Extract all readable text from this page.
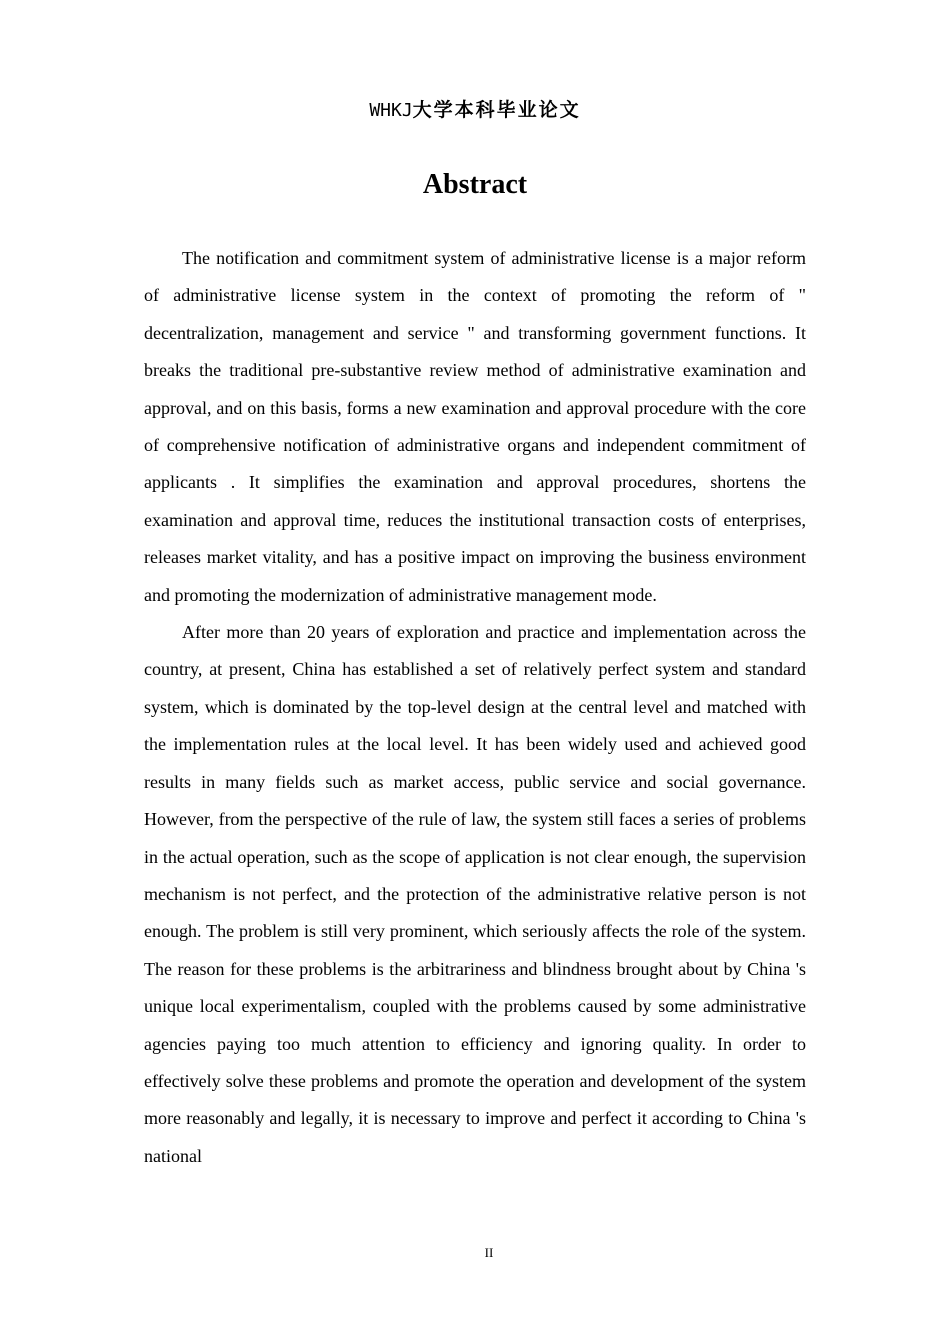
WHKJ大学本科毕业论文
Abstract

The notification and commitment system of administrative license is a major reform of administrative license system in the context of promoting the reform of " decentralization, management and service " and transforming government functions. It breaks the traditional pre-substantive review method of administrative examination and approval, and on this basis, forms a new examination and approval procedure with the core of comprehensive notification of administrative organs and independent commitment of applicants . It simplifies the examination and approval procedures, shortens the examination and approval time, reduces the institutional transaction costs of enterprises, releases market vitality, and has a positive impact on improving the business environment and promoting the modernization of administrative management mode.

After more than 20 years of exploration and practice and implementation across the country, at present, China has established a set of relatively perfect system and standard system, which is dominated by the top-level design at the central level and matched with the implementation rules at the local level. It has been widely used and achieved good results in many fields such as market access, public service and social governance. However, from the perspective of the rule of law, the system still faces a series of problems in the actual operation, such as the scope of application is not clear enough, the supervision mechanism is not perfect, and the protection of the administrative relative person is not enough. The problem is still very prominent, which seriously affects the role of the system. The reason for these problems is the arbitrariness and blindness brought about by China 's unique local experimentalism, coupled with the problems caused by some administrative agencies paying too much attention to efficiency and ignoring quality. In order to effectively solve these problems and promote the operation and development of the system more reasonably and legally, it is necessary to improve and perfect it according to China 's national

II
